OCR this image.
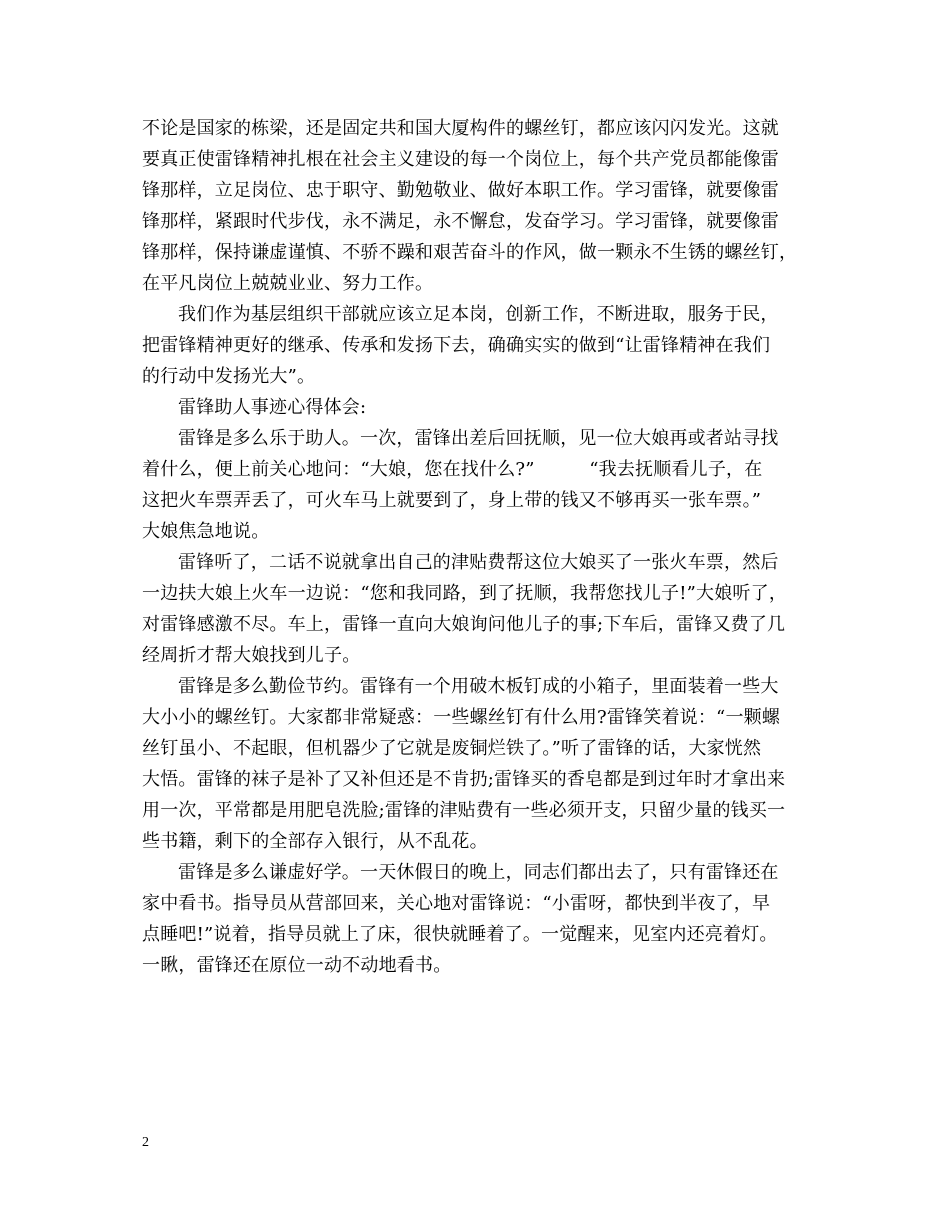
不论是国家的栋梁，还是固定共和国大厦构件的螺丝钉，都应该闪闪发光。这就
要真正使雷锋精神扎根在社会主义建设的每一个岗位上，每个共产党员都能像雷
锋那样，立足岗位、忠于职守、勤勉敬业、做好本职工作。学习雷锋，就要像雷
锋那样，紧跟时代步伐，永不满足，永不懈怠，发奋学习。学习雷锋，就要像雷
锋那样，保持谦虚谨慎、不骄不躁和艰苦奋斗的作风，做一颗永不生锈的螺丝钉，
在平凡岗位上兢兢业业、努力工作。
我们作为基层组织干部就应该立足本岗，创新工作，不断进取，服务于民，
把雷锋精神更好的继承、传承和发扬下去，确确实实的做到“让雷锋精神在我们
的行动中发扬光大”。
雷锋助人事迹心得体会:
雷锋是多么乐于助人。一次，雷锋出差后回抚顺，见一位大娘再或者站寻找
着什么，便上前关心地问：“大娘，您在找什么?”　　　“我去抚顺看儿子，在
这把火车票弄丢了，可火车马上就要到了，身上带的钱又不够再买一张车票。”
大娘焦急地说。
雷锋听了，二话不说就拿出自己的津贴费帮这位大娘买了一张火车票，然后
一边扶大娘上火车一边说：“您和我同路，到了抚顺，我帮您找儿子!”大娘听了，
对雷锋感激不尽。车上，雷锋一直向大娘询问他儿子的事;下车后，雷锋又费了几
经周折才帮大娘找到儿子。
雷锋是多么勤俭节约。雷锋有一个用破木板钉成的小箱子，里面装着一些大
大小小的螺丝钉。大家都非常疑惑：一些螺丝钉有什么用?雷锋笑着说：“一颗螺
丝钉虽小、不起眼，但机器少了它就是废铜烂铁了。”听了雷锋的话，大家恍然
大悟。雷锋的袜子是补了又补但还是不肯扔;雷锋买的香皂都是到过年时才拿出来
用一次，平常都是用肥皂洗脸;雷锋的津贴费有一些必须开支，只留少量的钱买一
些书籍，剩下的全部存入银行，从不乱花。
雷锋是多么谦虚好学。一天休假日的晚上，同志们都出去了，只有雷锋还在
家中看书。指导员从营部回来，关心地对雷锋说：“小雷呀，都快到半夜了，早
点睡吧!”说着，指导员就上了床，很快就睡着了。一觉醒来，见室内还亮着灯。
一瞅，雷锋还在原位一动不动地看书。
2
